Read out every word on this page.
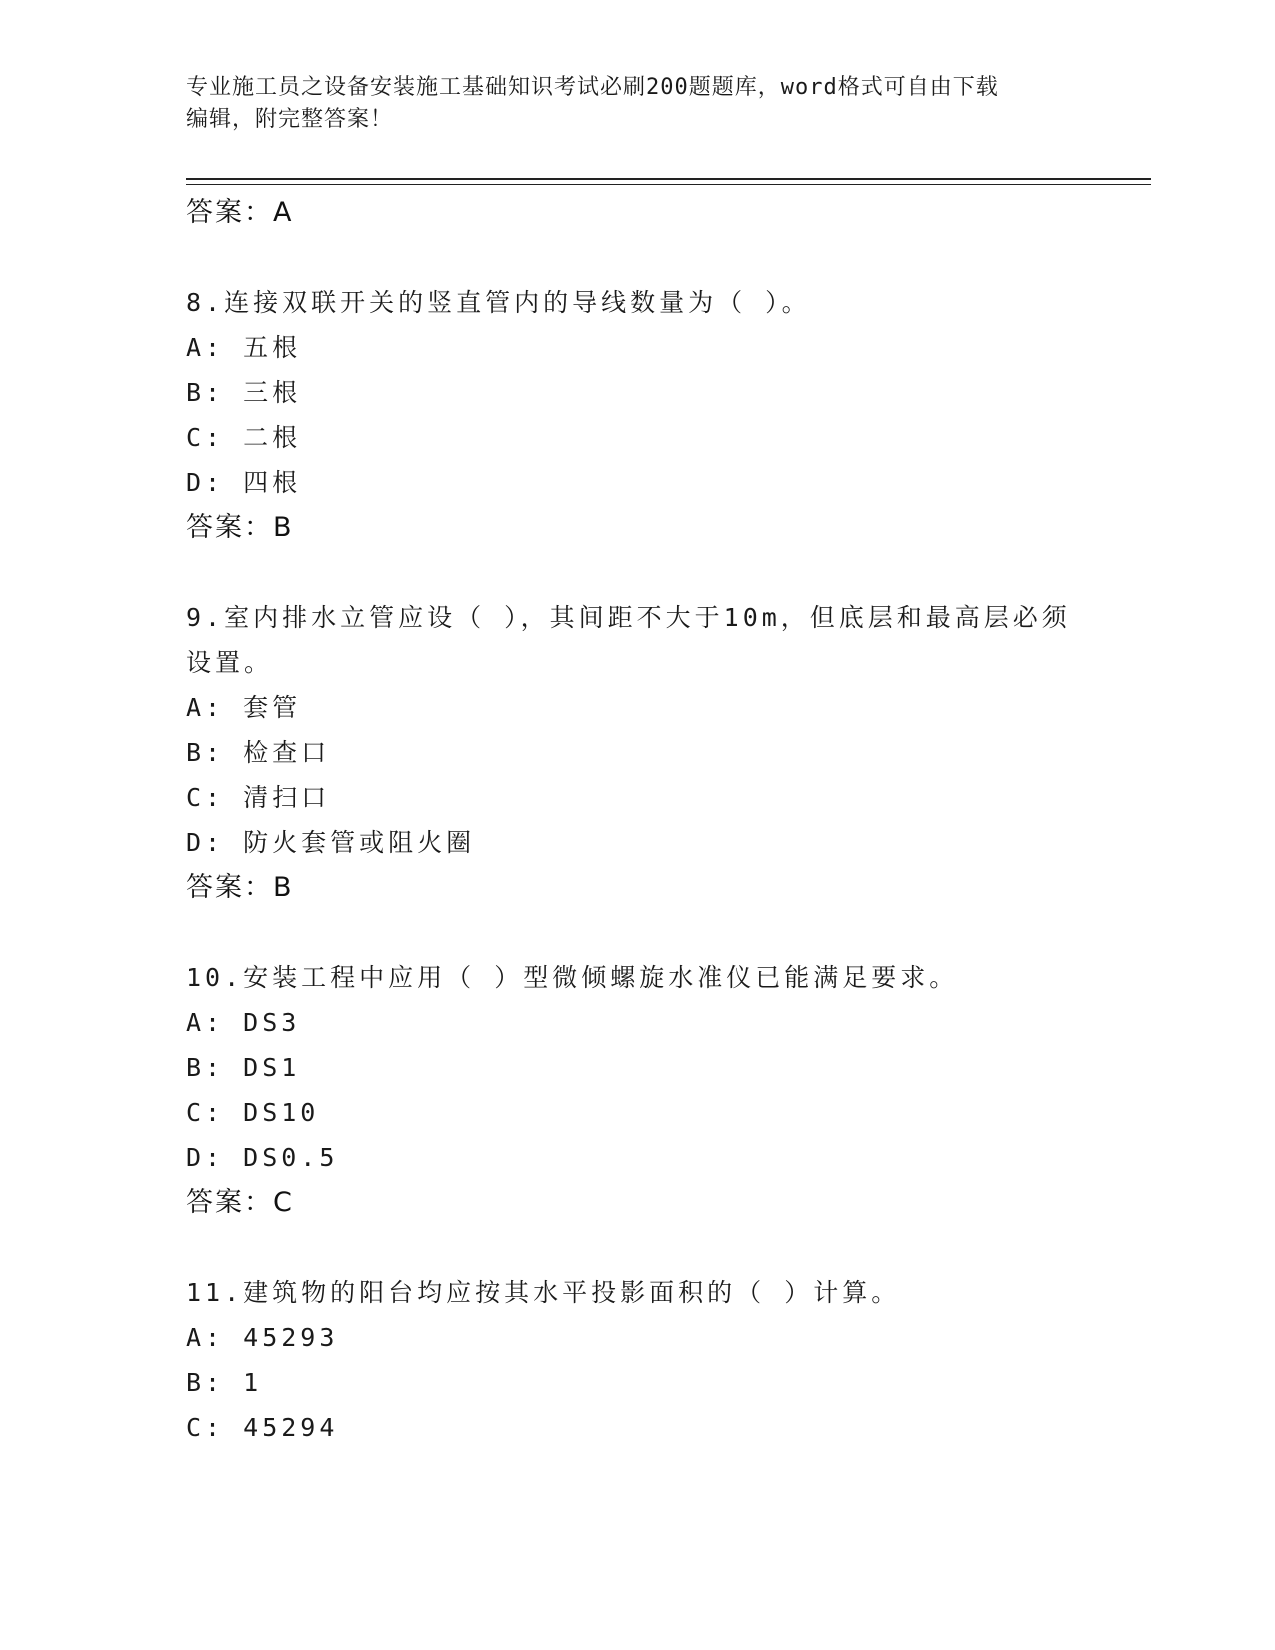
专业施工员之设备安装施工基础知识考试必刷200题题库，word格式可自由下载
编辑，附完整答案！
答案：A
8.连接双联开关的竖直管内的导线数量为（ ）。
A: 五根
B: 三根
C: 二根
D: 四根
答案：B
9.室内排水立管应设（ ），其间距不大于10m，但底层和最高层必须
设置。
A: 套管
B: 检查口
C: 清扫口
D: 防火套管或阻火圈
答案：B
10.安装工程中应用（ ）型微倾螺旋水准仪已能满足要求。
A: DS3
B: DS1
C: DS10
D: DS0.5
答案：C
11.建筑物的阳台均应按其水平投影面积的（ ）计算。
A: 45293
B: 1
C: 45294
